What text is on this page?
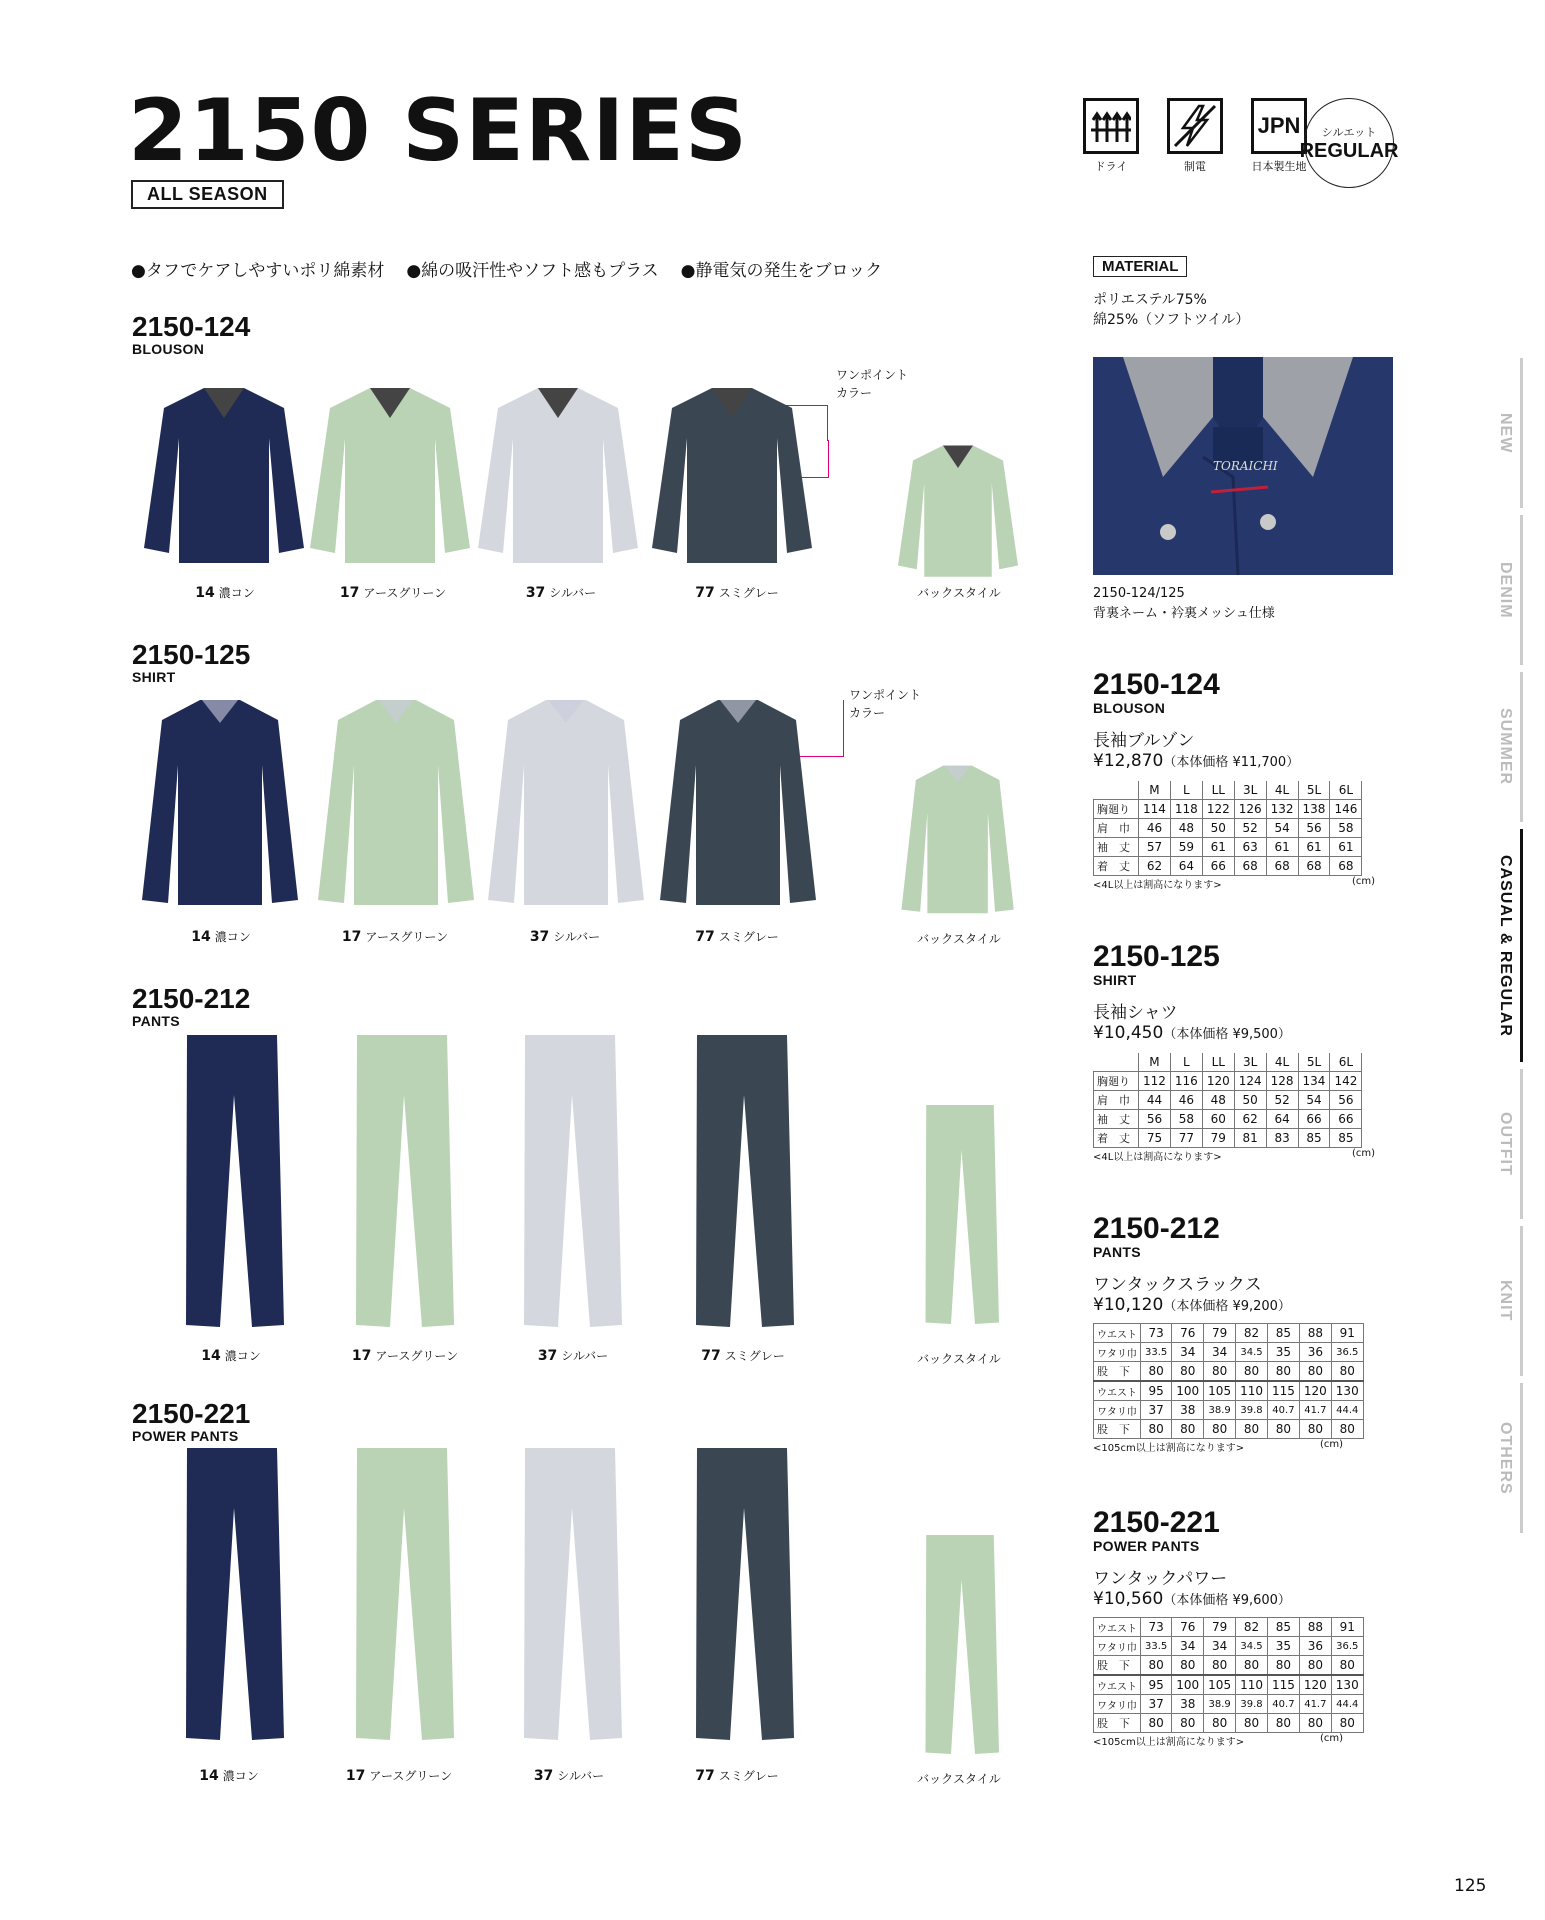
2150 SERIES
ALL SEASON
ドライ	制電
JPN
日本製生地
シルエット
REGULAR
●タフでケアしやすいポリ綿素材 ●綿の吸汗性やソフト感もプラス ●静電気の発生をブロック	MATERIAL
ポリエステル75%
綿25%（ソフトツイル）
TORAICHI
2150-124/125
背裏ネーム・衿裏メッシュ仕様
2150-124
BLOUSON
2150-125
SHIRT
2150-212
PANTS
2150-221
POWER PANTS
ワンポイント
カラー
ワンポイント
カラー
14 濃コン	17 アースグリーン	37 シルバー	77 スミグレー	バックスタイル
14 濃コン	17 アースグリーン	37 シルバー	77 スミグレー	バックスタイル
14 濃コン	17 アースグリーン	37 シルバー	77 スミグレー	バックスタイル
14 濃コン	17 アースグリーン	37 シルバー	77 スミグレー	バックスタイル
2150-124
BLOUSON
長袖ブルゾン
¥12,870（本体価格 ¥11,700）
	M	L	LL	3L	4L	5L	6L
胸廻り	114	118	122	126	132	138	146
肩　巾	46	48	50	52	54	56	58
袖　丈	57	59	61	63	61	61	61
着　丈	62	64	66	68	68	68	68
<4L以上は割高になります>	(cm)
2150-125
SHIRT
長袖シャツ
¥10,450（本体価格 ¥9,500）
	M	L	LL	3L	4L	5L	6L
胸廻り	112	116	120	124	128	134	142
肩　巾	44	46	48	50	52	54	56
袖　丈	56	58	60	62	64	66	66
着　丈	75	77	79	81	83	85	85
<4L以上は割高になります>	(cm)
2150-212
PANTS
ワンタックスラックス
¥10,120（本体価格 ¥9,200）
ウエスト	73	76	79	82	85	88	91
ワタリ巾	33.5	34	34	34.5	35	36	36.5
股　下	80	80	80	80	80	80	80
ウエスト	95	100	105	110	115	120	130
ワタリ巾	37	38	38.9	39.8	40.7	41.7	44.4
股　下	80	80	80	80	80	80	80
<105cm以上は割高になります>	(cm)
2150-221
POWER PANTS
ワンタックパワー
¥10,560（本体価格 ¥9,600）
ウエスト	73	76	79	82	85	88	91
ワタリ巾	33.5	34	34	34.5	35	36	36.5
股　下	80	80	80	80	80	80	80
ウエスト	95	100	105	110	115	120	130
ワタリ巾	37	38	38.9	39.8	40.7	41.7	44.4
股　下	80	80	80	80	80	80	80
<105cm以上は割高になります>	(cm)
NEW
DENIM
SUMMER
CASUAL & REGULAR
OUTFIT
KNIT
OTHERS
125
